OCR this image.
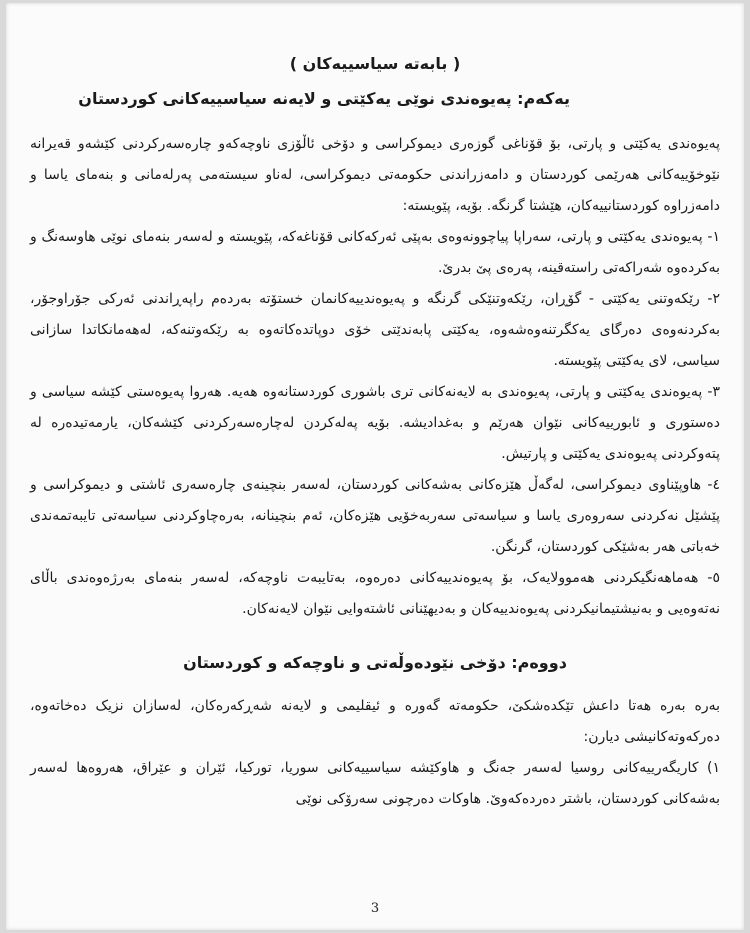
( بابەتە سیاسییەکان )
یەکەم: پەیوەندی نوێی یەکێتی و لایەنە سیاسییەکانی کوردستان

پەیوەندی یەکێتی و پارتی، بۆ قۆناغی گوزەری دیموکراسی و دۆخی ئاڵۆزی ناوچەکەو چارەسەرکردنی کێشەو قەیرانە نێوخۆییەکانی هەرێمی کوردستان و دامەزراندنی حکومەتی دیموکراسی، لەناو سیستەمی پەرلەمانی و بنەمای یاسا و دامەزراوە کوردستانییەکان، هێشتا گرنگە. بۆیە، پێویستە:

١- پەیوەندی یەکێتی و پارتی، سەراپا پیاچوونەوەی بەپێی ئەرکەکانی قۆناغەکە، پێویستە و لەسەر بنەمای نوێی هاوسەنگ و بەکردەوە شەراکەتی راستەقینە، پەرەی پێ بدرێ.

٢- رێکەوتنی یەکێتی - گۆڕان، رێکەوتنێکی گرنگە و پەیوەندییەکانمان خستۆتە بەردەم راپەڕاندنی ئەرکی جۆراوجۆر، بەکردنەوەی دەرگای یەکگرتنەوەشەوە، یەکێتی پابەندێتی خۆی دوپاتدەکاتەوە بە رێکەوتنەکە، لەهەمانکاتدا سازانی سیاسی، لای یەکێتی پێویستە.

٣- پەیوەندی یەکێتی و پارتی، پەیوەندی بە لایەنەکانی تری باشوری کوردستانەوە هەیە. هەروا پەیوەستی کێشە سیاسی و دەستوری و ئابورییەکانی نێوان هەرێم و بەغدادیشە. بۆیە پەلەکردن لەچارەسەرکردنی کێشەکان، یارمەتیدەرە لە پتەوکردنی پەیوەندی یەکێتی و پارتیش.

٤- هاوپێناوی دیموکراسی، لەگەڵ هێزەکانی بەشەکانی کوردستان، لەسەر بنچینەی چارەسەری ئاشتی و دیموکراسی و پێشێل نەکردنی سەروەری یاسا و سیاسەتی سەربەخۆیی هێزەکان، ئەم بنچینانە، بەرەچاوکردنی سیاسەتی تایبەتمەندی خەباتی هەر بەشێکی کوردستان، گرنگن.

٥- هەماهەنگیکردنی هەموولایەک، بۆ پەیوەندییەکانی دەرەوە، بەتایبەت ناوچەکە، لەسەر بنەمای بەرژەوەندی باڵای نەتەوەیی و بەنیشتیمانیکردنی پەیوەندییەکان و بەدیهێنانی ئاشتەوایی نێوان لایەنەکان.

دووەم: دۆخی نێودەوڵەتی و ناوچەکە و کوردستان

بەرە بەرە هەتا داعش تێکدەشکێ، حکومەتە گەورە و ئیقلیمی و لایەنە شەڕکەرەکان، لەسازان نزیک دەخاتەوە، دەرکەوتەکانیشی دیارن:

١) کاریگەرییەکانی روسیا لەسەر جەنگ و هاوکێشە سیاسییەکانی سوریا، تورکیا، ئێران و عێراق، هەروەها لەسەر بەشەکانی کوردستان، باشتر دەردەکەوێ. هاوکات دەرچونی سەرۆکی نوێی

3
